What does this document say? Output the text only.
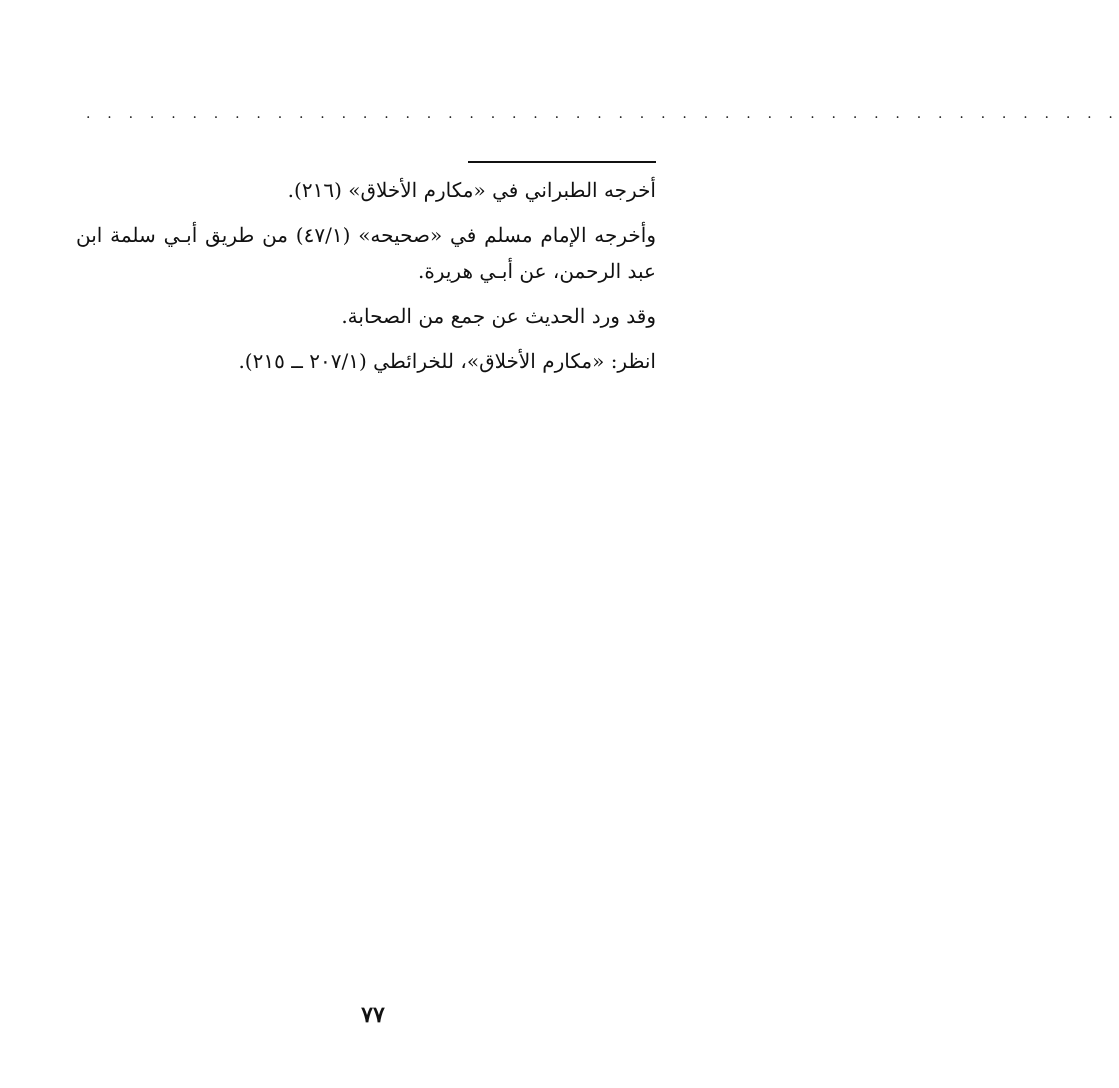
. . . . . . . . . . . . . . . . . . . . . . . . . . . . . . . . . . . . . . . . . . . . . . . . .

أخرجه الطبراني في «مكارم الأخلاق» (٢١٦).

وأخرجه الإمام مسلم في «صحيحه» (٤٧/١) من طريق أبـي سلمة ابن عبد الرحمن، عن أبـي هريرة.

وقد ورد الحديث عن جمع من الصحابة.

انظر: «مكارم الأخلاق»، للخرائطي (٢٠٧/١ ــ ٢١٥).

٧٧
